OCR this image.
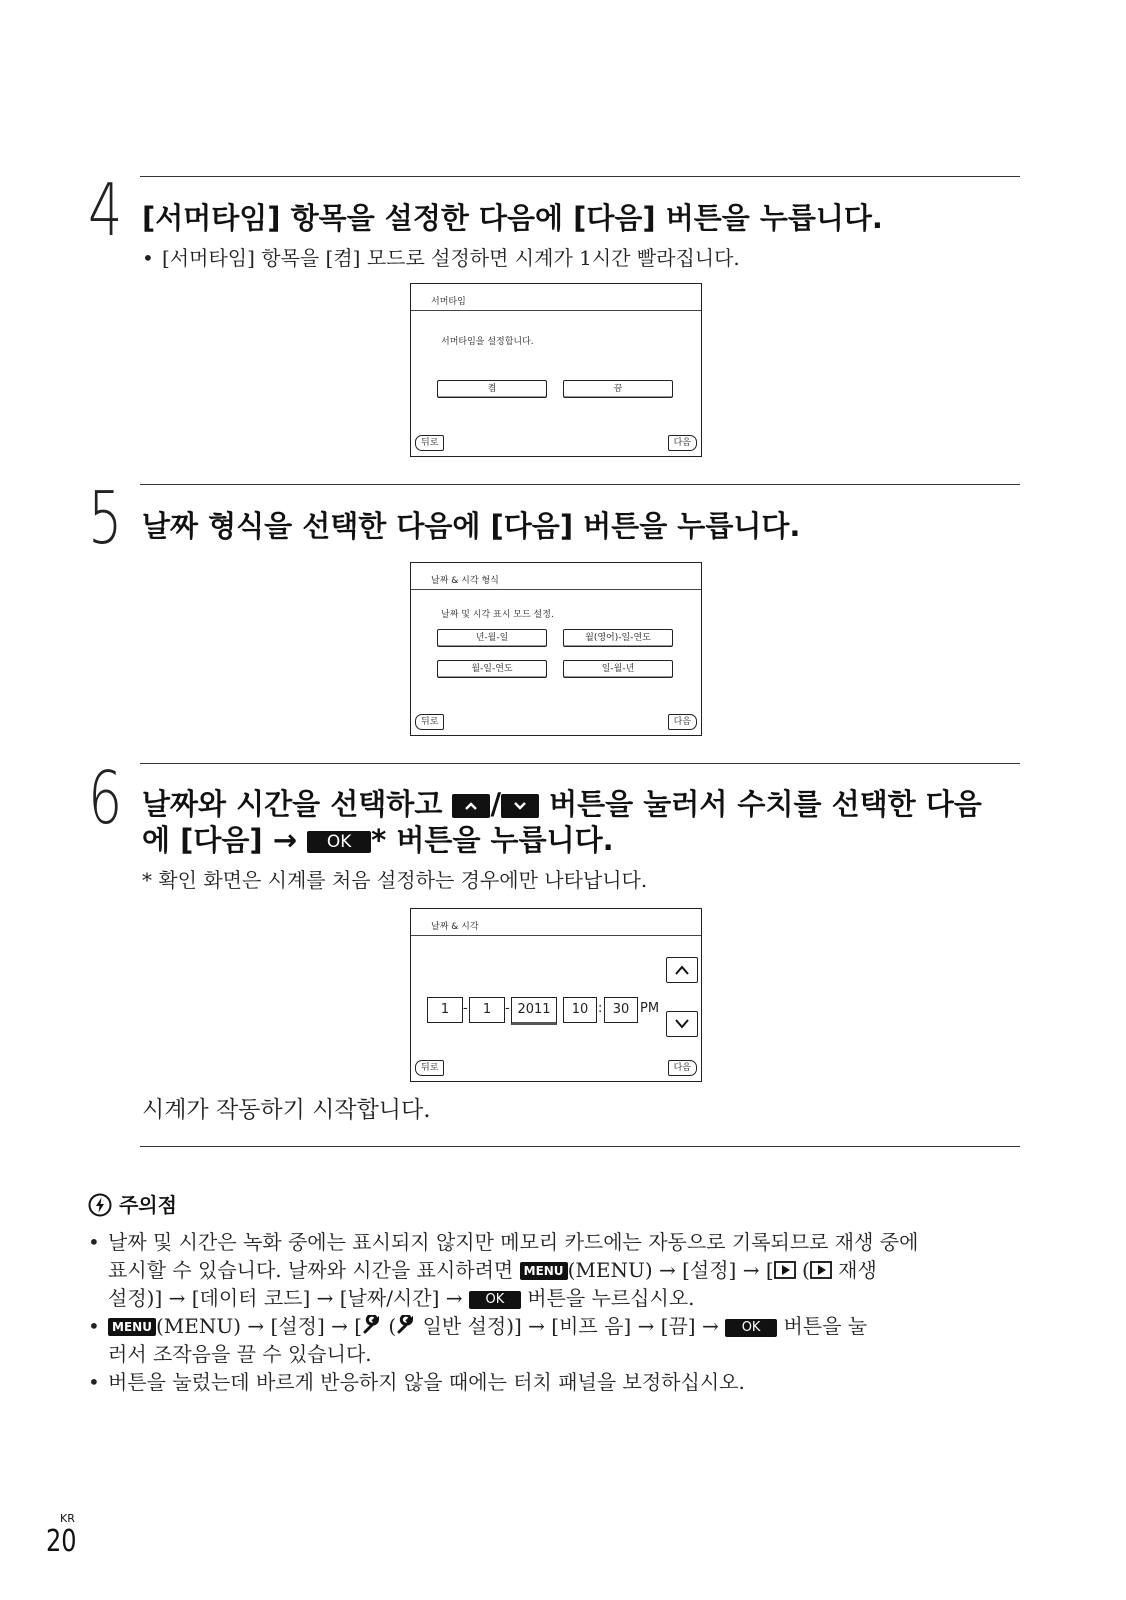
4 [서머타임] 항목을 설정한 다음에 [다음] 버튼을 누릅니다.
• [서머타임] 항목을 [켬] 모드로 설정하면 시계가 1시간 빨라집니다.
서머타임
서머타임을 설정합니다.
켬	끔
뒤로	다음
5 날짜 형식을 선택한 다음에 [다음] 버튼을 누릅니다.
날짜 & 시각 형식
날짜 및 시각 표시 모드 설정.
년-월-일	월(영어)-일-연도
월-일-연도	일-월-년
뒤로	다음
6 날짜와 시간을 선택하고 / 버튼을 눌러서 수치를 선택한 다음
에 [다음] → OK * 버튼을 누릅니다.
* 확인 화면은 시계를 처음 설정하는 경우에만 나타납니다.
날짜 & 시각
1	-	1	- 2011	10 : 30 PM
뒤로	다음
시계가 작동하기 시작합니다.
주의점
• 날짜 및 시간은 녹화 중에는 표시되지 않지만 메모리 카드에는 자동으로 기록되므로 재생 중에
표시할 수 있습니다. 날짜와 시간을 표시하려면 MENU (MENU) → [설정] → [ ( 재생
설정)] → [데이터 코드] → [날짜/시간] → OK 버튼을 누르십시오.
•	MENU (MENU) → [설정] → [ ( 일반 설정)] → [비프 음] → [끔] → OK 버튼을 눌
러서 조작음을 끌 수 있습니다.
• 버튼을 눌렀는데 바르게 반응하지 않을 때에는 터치 패널을 보정하십시오.
KR
20
